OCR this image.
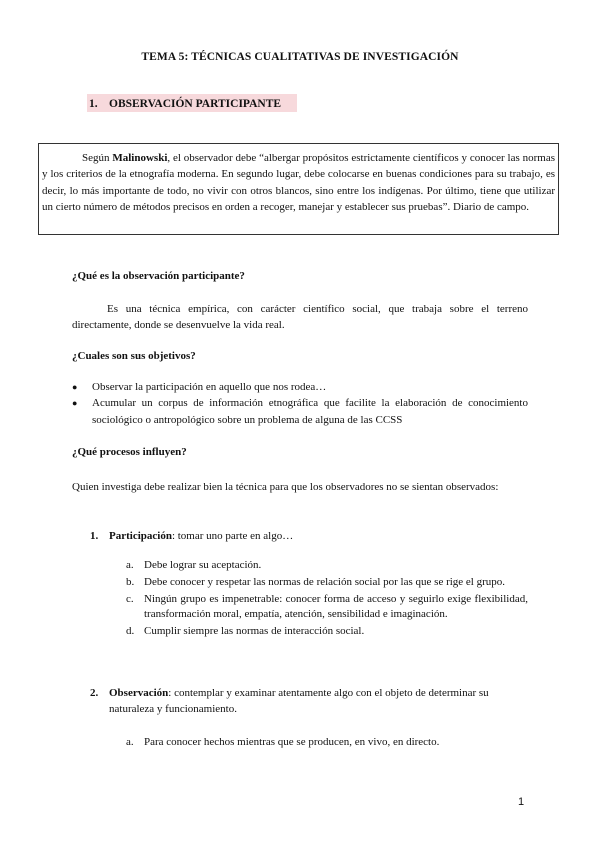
TEMA 5: TÉCNICAS CUALITATIVAS DE INVESTIGACIÓN
1. OBSERVACIÓN PARTICIPANTE
Según Malinowski, el observador debe “albergar propósitos estrictamente científicos y conocer las normas y los criterios de la etnografía moderna. En segundo lugar, debe colocarse en buenas condiciones para su trabajo, es decir, lo más importante de todo, no vivir con otros blancos, sino entre los indígenas. Por último, tiene que utilizar un cierto número de métodos precisos en orden a recoger, manejar y establecer sus pruebas”. Diario de campo.
¿Qué es la observación participante?
Es una técnica empírica, con carácter científico social, que trabaja sobre el terreno directamente, donde se desenvuelve la vida real.
¿Cuales son sus objetivos?
● Observar la participación en aquello que nos rodea…
● Acumular un corpus de información etnográfica que facilite la elaboración de conocimiento sociológico o antropológico sobre un problema de alguna de las CCSS
¿Qué procesos influyen?
Quien investiga debe realizar bien la técnica para que los observadores no se sientan observados:
1. Participación: tomar uno parte en algo…
a. Debe lograr su aceptación.
b. Debe conocer y respetar las normas de relación social por las que se rige el grupo.
c. Ningún grupo es impenetrable: conocer forma de acceso y seguirlo exige flexibilidad, transformación moral, empatía, atención, sensibilidad e imaginación.
d. Cumplir siempre las normas de interacción social.
2. Observación: contemplar y examinar atentamente algo con el objeto de determinar su naturaleza y funcionamiento.
a. Para conocer hechos mientras que se producen, en vivo, en directo.
1
